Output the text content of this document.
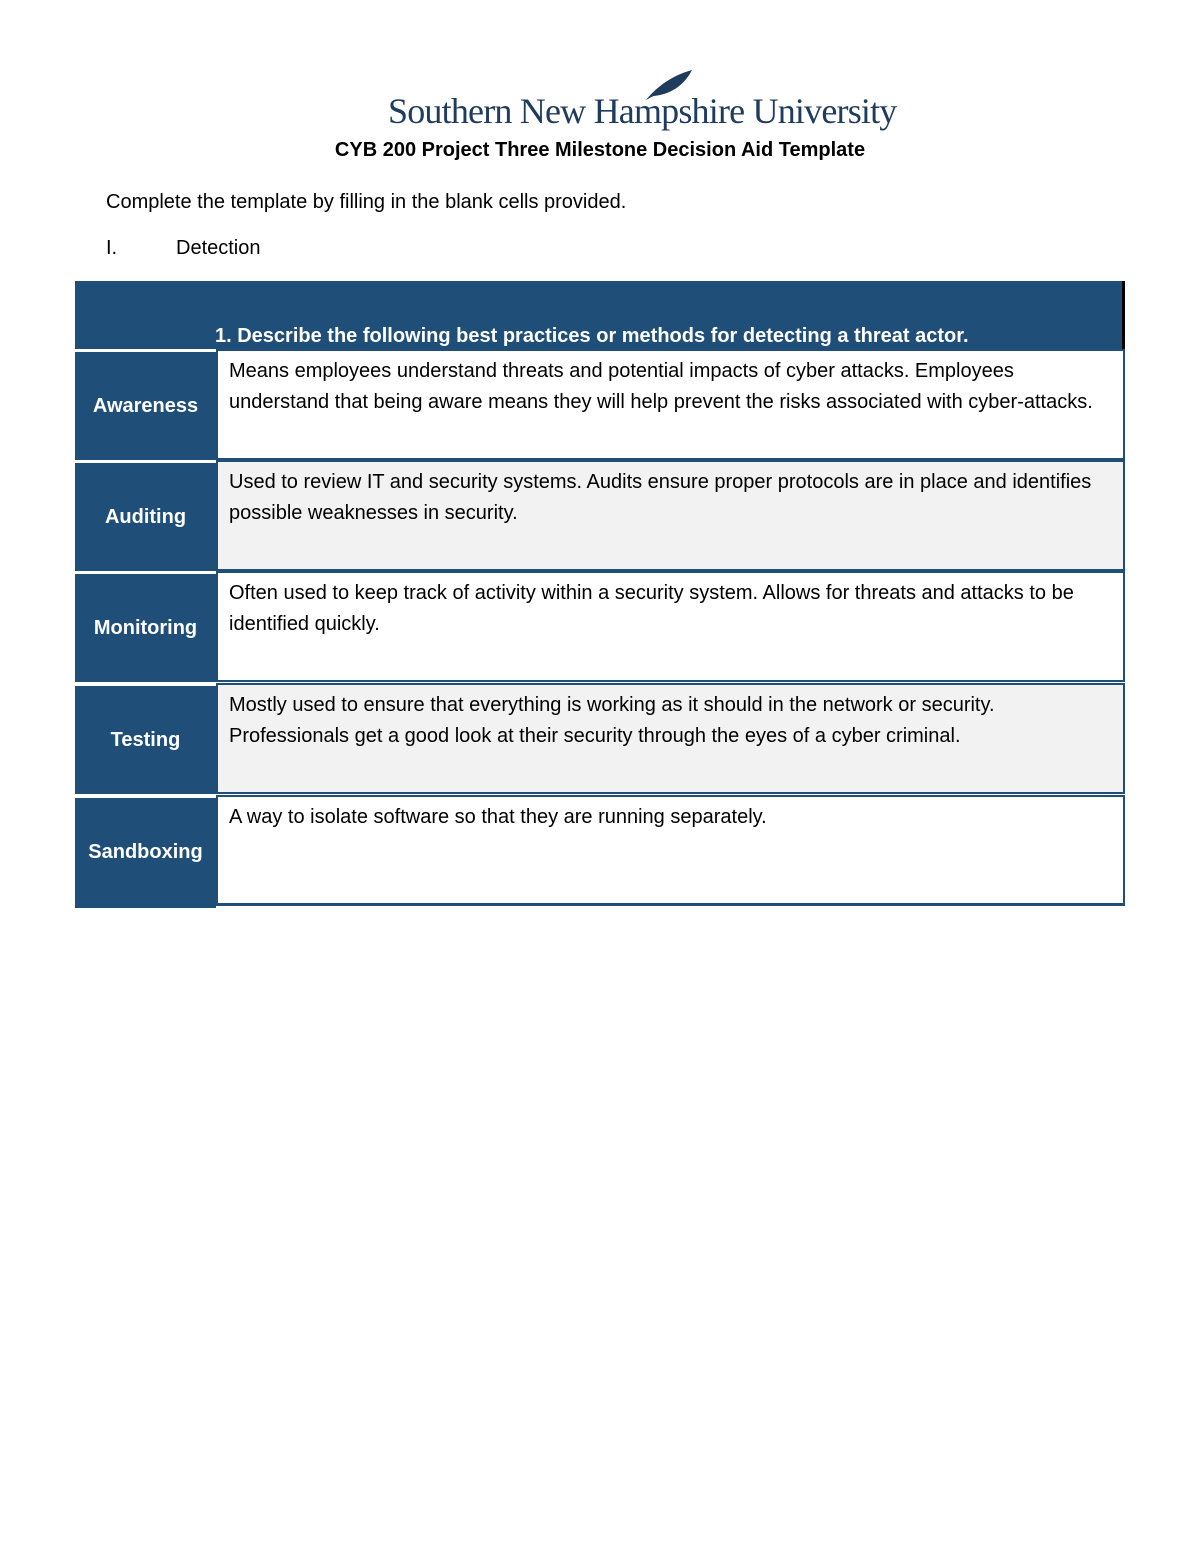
Southern New Hampshire University
CYB 200 Project Three Milestone Decision Aid Template
Complete the template by filling in the blank cells provided.
I.	Detection
1. Describe the following best practices or methods for detecting a threat actor.
Awareness
Means employees understand threats and potential impacts of cyber attacks. Employees understand that being aware means they will help prevent the risks associated with cyber-attacks.
Auditing
Used to review IT and security systems. Audits ensure proper protocols are in place and identifies possible weaknesses in security.
Monitoring
Often used to keep track of activity within a security system. Allows for threats and attacks to be identified quickly.
Testing
Mostly used to ensure that everything is working as it should in the network or security. Professionals get a good look at their security through the eyes of a cyber criminal.
Sandboxing
A way to isolate software so that they are running separately.
